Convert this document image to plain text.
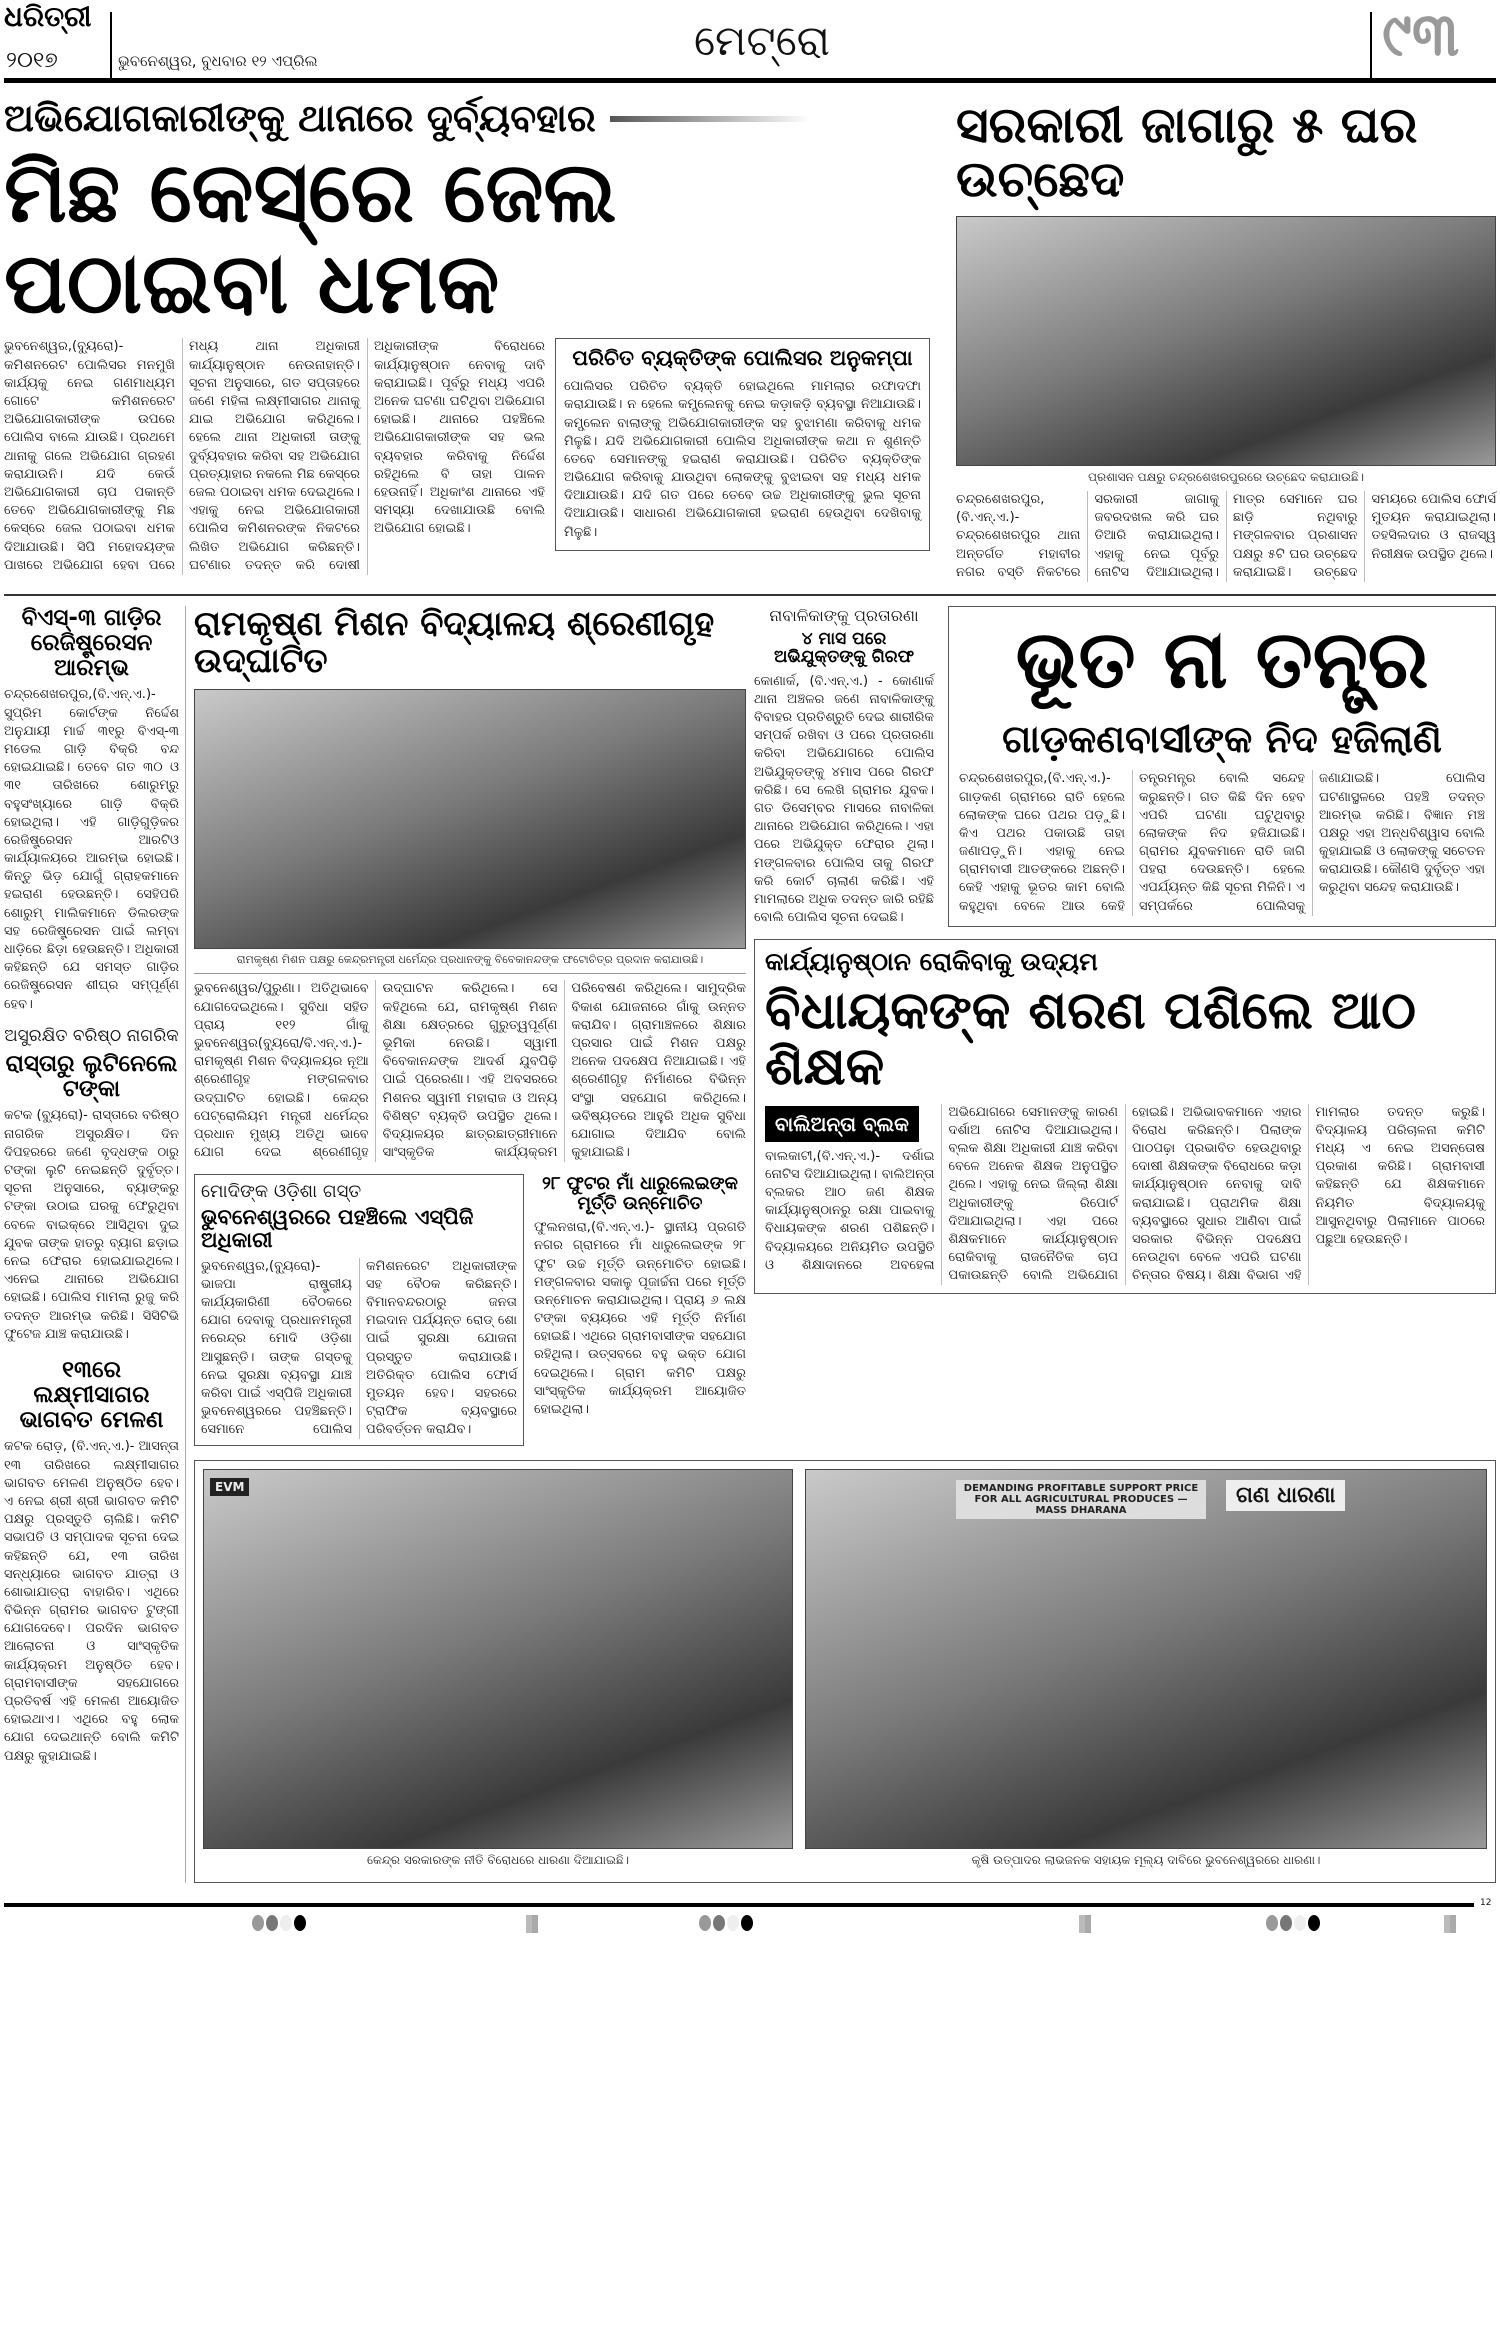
ଧରିତ୍ରୀ
୨୦୧୭	ଭୁବନେଶ୍ୱର, ବୁଧବାର ୧୨ ଏପ୍ରିଲ	ମେଟ୍ରୋ	୯୩
ଅଭିଯୋଗକାରୀଙ୍କୁ ଥାନାରେ ଦୁର୍ବ୍ୟବହାର
ମିଛ କେସ୍‌ରେ ଜେଲ ପଠାଇବା ଧମକ
ଭୁବନେଶ୍ୱର,(ବ୍ୟୁରୋ)- କମିଶନରେଟ ପୋଲିସର ମନମୁଖି କାର୍ଯ୍ୟକୁ ନେଇ ଗଣମାଧ୍ୟମ ଗୋଟେ କମିଶନରେଟ ଅଭିଯୋଗକାରୀଙ୍କ ଉପରେ ପୋଲିସ ବାଲେ ଯାଉଛି। ପ୍ରଥମେ ଥାନାକୁ ଗଲେ ଅଭିଯୋଗ ଗ୍ରହଣ କରାଯାଉନି। ଯଦି କେଉଁ ଅଭିଯୋଗକାରୀ ଚାପ ପକାନ୍ତି ତେବେ ଅଭିଯୋଗକାରୀଙ୍କୁ ମିଛ କେସ୍‌ରେ ଜେଲ ପଠାଇବା ଧମକ ଦିଆଯାଉଛି। ସିପି ମହୋଦୟଙ୍କ ପାଖରେ ଅଭିଯୋଗ ହେବା ପରେ ମଧ୍ୟ ଥାନା ଅଧିକାରୀ କାର୍ଯ୍ୟାନୁଷ୍ଠାନ ନେଉନାହାନ୍ତି। ସୂଚନା ଅନୁସାରେ, ଗତ ସପ୍ତାହରେ ଜଣେ ମହିଳା ଲକ୍ଷ୍ମୀସାଗର ଥାନାକୁ ଯାଇ ଅଭିଯୋଗ କରିଥିଲେ। ହେଲେ ଥାନା ଅଧିକାରୀ ତାଙ୍କୁ ଦୁର୍ବ୍ୟବହାର କରିବା ସହ ଅଭିଯୋଗ ପ୍ରତ୍ୟାହାର ନକଲେ ମିଛ କେସ୍‌ରେ ଜେଲ ପଠାଇବା ଧମକ ଦେଇଥିଲେ। ଏହାକୁ ନେଇ ଅଭିଯୋଗକାରୀ ପୋଲିସ କମିଶନରଙ୍କ ନିକଟରେ ଲିଖିତ ଅଭିଯୋଗ କରିଛନ୍ତି। ଘଟଣାର ତଦନ୍ତ କରି ଦୋଷୀ ଅଧିକାରୀଙ୍କ ବିରୋଧରେ କାର୍ଯ୍ୟାନୁଷ୍ଠାନ ନେବାକୁ ଦାବି କରାଯାଇଛି। ପୂର୍ବରୁ ମଧ୍ୟ ଏପରି ଅନେକ ଘଟଣା ଘଟିଥିବା ଅଭିଯୋଗ ହୋଇଛି। ଥାନାରେ ପହଞ୍ଚିଲେ ଅଭିଯୋଗକାରୀଙ୍କ ସହ ଭଲ ବ୍ୟବହାର କରିବାକୁ ନିର୍ଦ୍ଦେଶ ରହିଥିଲେ ବି ତାହା ପାଳନ ହେଉନାହିଁ। ଅଧିକାଂଶ ଥାନାରେ ଏହି ସମସ୍ୟା ଦେଖାଯାଉଛି ବୋଲି ଅଭିଯୋଗ ହୋଇଛି।
ପରିଚିତ ବ୍ୟକ୍ତିଙ୍କ ପୋଲିସର ଅନୁକମ୍ପା
ପୋଲିସର ପରିଚିତ ବ୍ୟକ୍ତି ହୋଇଥିଲେ ମାମଲାର ରଫାଦଫା କରାଯାଉଛି। ନ ହେଲେ କମ୍ପ୍ଲେନକୁ ନେଇ କଡ଼ାକଡ଼ି ବ୍ୟବସ୍ଥା ନିଆଯାଉଛି। କମ୍ପ୍ଲେନ ବାଲାଙ୍କୁ ଅଭିଯୋଗକାରୀଙ୍କ ସହ ବୁଝାମଣା କରିବାକୁ ଧମକ ମିଳୁଛି। ଯଦି ଅଭିଯୋଗକାରୀ ପୋଲିସ ଅଧିକାରୀଙ୍କ କଥା ନ ଶୁଣନ୍ତି ତେବେ ସେମାନଙ୍କୁ ହଇରାଣ କରାଯାଉଛି। ପରିଚିତ ବ୍ୟକ୍ତିଙ୍କ ଅଭିଯୋଗ କରିବାକୁ ଯାଉଥିବା ଲୋକଙ୍କୁ ବୁଝାଇବା ସହ ମଧ୍ୟ ଧମକ ଦିଆଯାଉଛି। ଯଦି ଗତ ପରେ ତେବେ ଉଚ୍ଚ ଅଧିକାରୀଙ୍କୁ ଭୁଲ ସୂଚନା ଦିଆଯାଉଛି। ସାଧାରଣ ଅଭିଯୋଗକାରୀ ହଇରାଣ ହେଉଥିବା ଦେଖିବାକୁ ମିଳୁଛି।
ସରକାରୀ ଜାଗାରୁ ୫ ଘର ଉଚ୍ଛେଦ
ପ୍ରଶାସନ ପକ୍ଷରୁ ଚନ୍ଦ୍ରଶେଖରପୁରରେ ଉଚ୍ଛେଦ କରାଯାଉଛି।
ଚନ୍ଦ୍ରଶେଖରପୁର,(ବି.ଏନ୍.ଏ.)- ଚନ୍ଦ୍ରଶେଖରପୁର ଥାନା ଅନ୍ତର୍ଗତ ମହାବୀର ନଗର ବସ୍ତି ନିକଟରେ ସରକାରୀ ଜାଗାକୁ ଜବରଦଖଲ କରି ଘର ତିଆରି କରାଯାଇଥିଲା। ଏହାକୁ ନେଇ ପୂର୍ବରୁ ନୋଟିସ ଦିଆଯାଇଥିଲା। ମାତ୍ର ସେମାନେ ଘର ଛାଡ଼ି ନଥିବାରୁ ମଙ୍ଗଳବାର ପ୍ରଶାସନ ପକ୍ଷରୁ ୫ଟି ଘର ଉଚ୍ଛେଦ କରାଯାଇଛି। ଉଚ୍ଛେଦ ସମୟରେ ପୋଲିସ ଫୋର୍ସ ମୁତୟନ କରାଯାଇଥିଲା। ତହସିଲଦାର ଓ ରାଜସ୍ୱ ନିରୀକ୍ଷକ ଉପସ୍ଥିତ ଥିଲେ।
ବିଏସ୍-୩ ଗାଡ଼ିର ରେଜିଷ୍ଟ୍ରେସନ ଆରମ୍ଭ
ଚନ୍ଦ୍ରଶେଖରପୁର,(ବି.ଏନ୍.ଏ.)- ସୁପ୍ରିମ କୋର୍ଟଙ୍କ ନିର୍ଦ୍ଦେଶ ଅନୁଯାୟୀ ମାର୍ଚ୍ଚ ୩୧ରୁ ବିଏସ୍-୩ ମଡେଲ ଗାଡ଼ି ବିକ୍ରି ବନ୍ଦ ହୋଇଯାଇଛି। ତେବେ ଗତ ୩୦ ଓ ୩୧ ତାରିଖରେ ଶୋରୁମ୍‌ରୁ ବହୁସଂଖ୍ୟାରେ ଗାଡ଼ି ବିକ୍ରି ହୋଇଥିଲା। ଏହି ଗାଡ଼ିଗୁଡ଼ିକର ରେଜିଷ୍ଟ୍ରେସନ ଆରଟିଓ କାର୍ଯ୍ୟାଳୟରେ ଆରମ୍ଭ ହୋଇଛି। କିନ୍ତୁ ଭିଡ଼ ଯୋଗୁଁ ଗ୍ରାହକମାନେ ହଇରାଣ ହେଉଛନ୍ତି। ସେହିପରି ଶୋରୁମ୍ ମାଲିକମାନେ ଡିଲରଙ୍କ ସହ ରେଜିଷ୍ଟ୍ରେସନ ପାଇଁ ଲମ୍ବା ଧାଡ଼ିରେ ଛିଡ଼ା ହେଉଛନ୍ତି। ଅଧିକାରୀ କହିଛନ୍ତି ଯେ ସମସ୍ତ ଗାଡ଼ିର ରେଜିଷ୍ଟ୍ରେସନ ଶୀଘ୍ର ସମ୍ପୂର୍ଣ୍ଣ ହେବ।
ଅସୁରକ୍ଷିତ ବରିଷ୍ଠ ନାଗରିକ
ରାସ୍ତାରୁ ଲୁଟିନେଲେ ଟଙ୍କା
କଟକ (ବ୍ୟୁରୋ)- ରାସ୍ତାରେ ବରିଷ୍ଠ ନାଗରିକ ଅସୁରକ୍ଷିତ। ଦିନ ଦିପହରରେ ଜଣେ ବୃଦ୍ଧଙ୍କ ଠାରୁ ଟଙ୍କା ଲୁଟି ନେଇଛନ୍ତି ଦୁର୍ବୃତ୍ତ। ସୂଚନା ଅନୁସାରେ, ବ୍ୟାଙ୍କରୁ ଟଙ୍କା ଉଠାଇ ଘରକୁ ଫେରୁଥିବା ବେଳେ ବାଇକ୍‌ରେ ଆସିଥିବା ଦୁଇ ଯୁବକ ତାଙ୍କ ହାତରୁ ବ୍ୟାଗ ଛଡ଼ାଇ ନେଇ ଫେରାର ହୋଇଯାଇଥିଲେ। ଏନେଇ ଥାନାରେ ଅଭିଯୋଗ ହୋଇଛି। ପୋଲିସ ମାମଲା ରୁଜୁ କରି ତଦନ୍ତ ଆରମ୍ଭ କରିଛି। ସିସିଟିଭି ଫୁଟେଜ ଯାଞ୍ଚ କରାଯାଉଛି।
୧୩ରେ ଲକ୍ଷ୍ମୀସାଗର ଭାଗବତ ମେଳଣ
କଟକ ରୋଡ଼, (ବି.ଏନ୍.ଏ.)- ଆସନ୍ତା ୧୩ ତାରିଖରେ ଲକ୍ଷ୍ମୀସାଗର ଭାଗବତ ମେଳଣ ଅନୁଷ୍ଠିତ ହେବ। ଏ ନେଇ ଶ୍ରୀ ଶ୍ରୀ ଭାଗବତ କମିଟି ପକ୍ଷରୁ ପ୍ରସ୍ତୁତି ଚାଲିଛି। କମିଟି ସଭାପତି ଓ ସମ୍ପାଦକ ସୂଚନା ଦେଇ କହିଛନ୍ତି ଯେ, ୧୩ ତାରିଖ ସନ୍ଧ୍ୟାରେ ଭାଗବତ ଯାତ୍ରା ଓ ଶୋଭାଯାତ୍ରା ବାହାରିବ। ଏଥିରେ ବିଭିନ୍ନ ଗ୍ରାମର ଭାଗବତ ଟୁଙ୍ଗୀ ଯୋଗଦେବେ। ପରଦିନ ଭାଗବତ ଆଲୋଚନା ଓ ସାଂସ୍କୃତିକ କାର୍ଯ୍ୟକ୍ରମ ଅନୁଷ୍ଠିତ ହେବ। ଗ୍ରାମବାସୀଙ୍କ ସହଯୋଗରେ ପ୍ରତିବର୍ଷ ଏହି ମେଳଣ ଆୟୋଜିତ ହୋଇଥାଏ। ଏଥିରେ ବହୁ ଲୋକ ଯୋଗ ଦେଇଥାନ୍ତି ବୋଲି କମିଟି ପକ୍ଷରୁ କୁହାଯାଇଛି।
ରାମକୃଷ୍ଣ ମିଶନ ବିଦ୍ୟାଳୟ ଶ୍ରେଣୀଗୃହ ଉଦ୍‌ଘାଟିତ
ରାମକୃଷ୍ଣ ମିଶନ ପକ୍ଷରୁ କେନ୍ଦ୍ରମନ୍ତ୍ରୀ ଧର୍ମେନ୍ଦ୍ର ପ୍ରଧାନଙ୍କୁ ବିବେକାନନ୍ଦଙ୍କ ଫଟୋଚିତ୍ର ପ୍ରଦାନ କରାଯାଉଛି।
ଭୁବନେଶ୍ୱର/ପୁରୁଣା। ଅତିଥିଭାବେ ଯୋଗଦେଇଥିଲେ। ସୁବିଧା ସହିତ ପ୍ରାୟ ୧୧୨ ଗାଁକୁ ଭୁବନେଶ୍ୱର(ବ୍ୟୁରୋ/ବି.ଏନ୍.ଏ.)- ରାମକୃଷ୍ଣ ମିଶନ ବିଦ୍ୟାଳୟର ନୂଆ ଶ୍ରେଣୀଗୃହ ମଙ୍ଗଳବାର ଉଦ୍‌ଘାଟିତ ହୋଇଛି। କେନ୍ଦ୍ର ପେଟ୍ରୋଲିୟମ ମନ୍ତ୍ରୀ ଧର୍ମେନ୍ଦ୍ର ପ୍ରଧାନ ମୁଖ୍ୟ ଅତିଥି ଭାବେ ଯୋଗ ଦେଇ ଶ୍ରେଣୀଗୃହ ଉଦ୍‌ଘାଟନ କରିଥିଲେ। ସେ କହିଥିଲେ ଯେ, ରାମକୃଷ୍ଣ ମିଶନ ଶିକ୍ଷା କ୍ଷେତ୍ରରେ ଗୁରୁତ୍ୱପୂର୍ଣ୍ଣ ଭୂମିକା ନେଉଛି। ସ୍ୱାମୀ ବିବେକାନନ୍ଦଙ୍କ ଆଦର୍ଶ ଯୁବପିଢ଼ି ପାଇଁ ପ୍ରେରଣା। ଏହି ଅବସରରେ ମିଶନର ସ୍ୱାମୀ ମହାରାଜ ଓ ଅନ୍ୟ ବିଶିଷ୍ଟ ବ୍ୟକ୍ତି ଉପସ୍ଥିତ ଥିଲେ। ବିଦ୍ୟାଳୟର ଛାତ୍ରଛାତ୍ରୀମାନେ ସାଂସ୍କୃତିକ କାର୍ଯ୍ୟକ୍ରମ ପରିବେଷଣ କରିଥିଲେ। ସାମୁଦ୍ରିକ ବିକାଶ ଯୋଜନାରେ ଗାଁକୁ ଉନ୍ନତ କରାଯିବ। ଗ୍ରାମାଞ୍ଚଳରେ ଶିକ୍ଷାର ପ୍ରସାର ପାଇଁ ମିଶନ ପକ୍ଷରୁ ଅନେକ ପଦକ୍ଷେପ ନିଆଯାଇଛି। ଏହି ଶ୍ରେଣୀଗୃହ ନିର୍ମାଣରେ ବିଭିନ୍ନ ସଂସ୍ଥା ସହଯୋଗ କରିଥିଲେ। ଭବିଷ୍ୟତରେ ଆହୁରି ଅଧିକ ସୁବିଧା ଯୋଗାଇ ଦିଆଯିବ ବୋଲି କୁହାଯାଇଛି।
ମୋଦିଙ୍କ ଓଡ଼ିଶା ଗସ୍ତ
ଭୁବନେଶ୍ୱରରେ ପହଞ୍ଚିଲେ ଏସ୍‌ପିଜି ଅଧିକାରୀ
ଭୁବନେଶ୍ୱର,(ବ୍ୟୁରୋ)-ଭାଜପା ରାଷ୍ଟ୍ରୀୟ କାର୍ଯ୍ୟକାରିଣୀ ବୈଠକରେ ଯୋଗ ଦେବାକୁ ପ୍ରଧାନମନ୍ତ୍ରୀ ନରେନ୍ଦ୍ର ମୋଦି ଓଡ଼ିଶା ଆସୁଛନ୍ତି। ତାଙ୍କ ଗସ୍ତକୁ ନେଇ ସୁରକ୍ଷା ବ୍ୟବସ୍ଥା ଯାଞ୍ଚ କରିବା ପାଇଁ ଏସ୍‌ପିଜି ଅଧିକାରୀ ଭୁବନେଶ୍ୱରରେ ପହଞ୍ଚିଛନ୍ତି। ସେମାନେ ପୋଲିସ କମିଶନରେଟ ଅଧିକାରୀଙ୍କ ସହ ବୈଠକ କରିଛନ୍ତି। ବିମାନବନ୍ଦରଠାରୁ ଜନତା ମଇଦାନ ପର୍ଯ୍ୟନ୍ତ ରୋଡ୍ ଶୋ ପାଇଁ ସୁରକ୍ଷା ଯୋଜନା ପ୍ରସ୍ତୁତ କରାଯାଉଛି। ଅତିରିକ୍ତ ପୋଲିସ ଫୋର୍ସ ମୁତୟନ ହେବ। ସହରରେ ଟ୍ରାଫିକ ବ୍ୟବସ୍ଥାରେ ପରିବର୍ତ୍ତନ କରାଯିବ।
୨୮ ଫୁଟର ମାଁ ଧାରୁଲେଇଙ୍କ ମୂର୍ତ୍ତି ଉନ୍ମୋଚିତ
ଫୁଲନଖରା,(ବି.ଏନ୍.ଏ.)- ସ୍ଥାନୀୟ ପ୍ରଗତି ନଗର ଗ୍ରାମରେ ମାଁ ଧାରୁଲେଇଙ୍କ ୨୮ ଫୁଟ ଉଚ୍ଚ ମୂର୍ତ୍ତି ଉନ୍ମୋଚିତ ହୋଇଛି। ମଙ୍ଗଳବାର ସକାଳୁ ପୂଜାର୍ଚ୍ଚନା ପରେ ମୂର୍ତ୍ତି ଉନ୍ମୋଚନ କରାଯାଇଥିଲା। ପ୍ରାୟ ୬ ଲକ୍ଷ ଟଙ୍କା ବ୍ୟୟରେ ଏହି ମୂର୍ତ୍ତି ନିର୍ମାଣ ହୋଇଛି। ଏଥିରେ ଗ୍ରାମବାସୀଙ୍କ ସହଯୋଗ ରହିଥିଲା। ଉତ୍ସବରେ ବହୁ ଭକ୍ତ ଯୋଗ ଦେଇଥିଲେ। ଗ୍ରାମ କମିଟି ପକ୍ଷରୁ ସାଂସ୍କୃତିକ କାର୍ଯ୍ୟକ୍ରମ ଆୟୋଜିତ ହୋଇଥିଲା।
ନାବାଳିକାଙ୍କୁ ପ୍ରତାରଣା
୪ ମାସ ପରେ ଅଭିଯୁକ୍ତଙ୍କୁ ଗିରଫ
କୋଣାର୍କ, (ବି.ଏନ୍.ଏ.) - କୋଣାର୍କ ଥାନା ଅଞ୍ଚଳର ଜଣେ ନାବାଳିକାଙ୍କୁ ବିବାହର ପ୍ରତିଶ୍ରୁତି ଦେଇ ଶାରୀରିକ ସମ୍ପର୍କ ରଖିବା ଓ ପରେ ପ୍ରତାରଣା କରିବା ଅଭିଯୋଗରେ ପୋଲିସ ଅଭିଯୁକ୍ତଙ୍କୁ ୪ମାସ ପରେ ଗିରଫ କରିଛି। ସେ ଲେଖି ଗ୍ରାମର ଯୁବକ। ଗତ ଡିସେମ୍ବର ମାସରେ ନାବାଳିକା ଥାନାରେ ଅଭିଯୋଗ କରିଥିଲେ। ଏହା ପରେ ଅଭିଯୁକ୍ତ ଫେରାର ଥିଲା। ମଙ୍ଗଳବାର ପୋଲିସ ତାକୁ ଗିରଫ କରି କୋର୍ଟ ଚାଲାଣ କରିଛି। ଏହି ମାମଲାରେ ଅଧିକ ତଦନ୍ତ ଜାରି ରହିଛି ବୋଲି ପୋଲିସ ସୂଚନା ଦେଇଛି।
ଭୂତ ନା ତନ୍ତ୍ର
ଗାଡ଼କଣବାସୀଙ୍କ ନିଦ ହଜିଲାଣି
ଚନ୍ଦ୍ରଶେଖରପୁର,(ବି.ଏନ୍.ଏ.)- ଗାଡ଼କଣ ଗ୍ରାମରେ ରାତି ହେଲେ ଲୋକଙ୍କ ଘରେ ପଥର ପଡ଼ୁଛି। କିଏ ପଥର ପକାଉଛି ତାହା ଜଣାପଡ଼ୁନି। ଏହାକୁ ନେଇ ଗ୍ରାମବାସୀ ଆତଙ୍କରେ ଅଛନ୍ତି। କେହି ଏହାକୁ ଭୂତର କାମ ବୋଲି କହୁଥିବା ବେଳେ ଆଉ କେହି ତନ୍ତ୍ରମନ୍ତ୍ର ବୋଲି ସନ୍ଦେହ କରୁଛନ୍ତି। ଗତ କିଛି ଦିନ ହେବ ଏପରି ଘଟଣା ଘଟୁଥିବାରୁ ଲୋକଙ୍କ ନିଦ ହଜିଯାଇଛି। ଗ୍ରାମର ଯୁବକମାନେ ରାତି ଜାଗି ପହରା ଦେଉଛନ୍ତି। ହେଲେ ଏପର୍ଯ୍ୟନ୍ତ କିଛି ସୂଚନା ମିଳିନି। ଏ ସମ୍ପର୍କରେ ପୋଲିସକୁ ଜଣାଯାଇଛି। ପୋଲିସ ଘଟଣାସ୍ଥଳରେ ପହଞ୍ଚି ତଦନ୍ତ ଆରମ୍ଭ କରିଛି। ବିଜ୍ଞାନ ମଞ୍ଚ ପକ୍ଷରୁ ଏହା ଅନ୍ଧବିଶ୍ୱାସ ବୋଲି କୁହାଯାଇଛି ଓ ଲୋକଙ୍କୁ ସଚେତନ କରାଯାଉଛି। କୌଣସି ଦୁର୍ବୃତ୍ତ ଏହା କରୁଥିବା ସନ୍ଦେହ କରାଯାଉଛି।
କାର୍ଯ୍ୟାନୁଷ୍ଠାନ ରୋକିବାକୁ ଉଦ୍ୟମ
ବିଧାୟକଙ୍କ ଶରଣ ପଶିଲେ ଆଠ ଶିକ୍ଷକ
ବାଲିଅନ୍ତା ବ୍ଲକ ବାଲକାଟୀ,(ବି.ଏନ୍.ଏ.)- ଦର୍ଶାଇ ନୋଟିସ ଦିଆଯାଇଥିଲା। ବାଲିଅନ୍ତା ବ୍ଲକର ଆଠ ଜଣ ଶିକ୍ଷକ କାର୍ଯ୍ୟାନୁଷ୍ଠାନରୁ ରକ୍ଷା ପାଇବାକୁ ବିଧାୟକଙ୍କ ଶରଣ ପଶିଛନ୍ତି। ବିଦ୍ୟାଳୟରେ ଅନିୟମିତ ଉପସ୍ଥିତି ଓ ଶିକ୍ଷାଦାନରେ ଅବହେଳା ଅଭିଯୋଗରେ ସେମାନଙ୍କୁ କାରଣ ଦର୍ଶାଅ ନୋଟିସ ଦିଆଯାଇଥିଲା। ବ୍ଲକ ଶିକ୍ଷା ଅଧିକାରୀ ଯାଞ୍ଚ କରିବା ବେଳେ ଅନେକ ଶିକ୍ଷକ ଅନୁପସ୍ଥିତ ଥିଲେ। ଏହାକୁ ନେଇ ଜିଲ୍ଲା ଶିକ୍ଷା ଅଧିକାରୀଙ୍କୁ ରିପୋର୍ଟ ଦିଆଯାଇଥିଲା। ଏହା ପରେ ଶିକ୍ଷକମାନେ କାର୍ଯ୍ୟାନୁଷ୍ଠାନ ରୋକିବାକୁ ରାଜନୈତିକ ଚାପ ପକାଉଛନ୍ତି ବୋଲି ଅଭିଯୋଗ ହୋଇଛି। ଅଭିଭାବକମାନେ ଏହାର ବିରୋଧ କରିଛନ୍ତି। ପିଲାଙ୍କ ପାଠପଢ଼ା ପ୍ରଭାବିତ ହେଉଥିବାରୁ ଦୋଷୀ ଶିକ୍ଷକଙ୍କ ବିରୋଧରେ କଡ଼ା କାର୍ଯ୍ୟାନୁଷ୍ଠାନ ନେବାକୁ ଦାବି କରାଯାଇଛି। ପ୍ରାଥମିକ ଶିକ୍ଷା ବ୍ୟବସ୍ଥାରେ ସୁଧାର ଆଣିବା ପାଇଁ ସରକାର ବିଭିନ୍ନ ପଦକ୍ଷେପ ନେଉଥିବା ବେଳେ ଏପରି ଘଟଣା ଚିନ୍ତାର ବିଷୟ। ଶିକ୍ଷା ବିଭାଗ ଏହି ମାମଲାର ତଦନ୍ତ କରୁଛି। ବିଦ୍ୟାଳୟ ପରିଚାଳନା କମିଟି ମଧ୍ୟ ଏ ନେଇ ଅସନ୍ତୋଷ ପ୍ରକାଶ କରିଛି। ଗ୍ରାମବାସୀ କହିଛନ୍ତି ଯେ ଶିକ୍ଷକମାନେ ନିୟମିତ ବିଦ୍ୟାଳୟକୁ ଆସୁନଥିବାରୁ ପିଲାମାନେ ପାଠରେ ପଛୁଆ ହେଉଛନ୍ତି।
EVM
କେନ୍ଦ୍ର ସରକାରଙ୍କ ନୀତି ବିରୋଧରେ ଧାରଣା ଦିଆଯାଇଛି।
DEMANDING PROFITABLE SUPPORT PRICE FOR ALL AGRICULTURAL PRODUCES — MASS DHARANA
ଗଣ ଧାରଣା
କୃଷି ଉତ୍ପାଦର ଲାଭଜନକ ସହାୟକ ମୂଲ୍ୟ ଦାବିରେ ଭୁବନେଶ୍ୱରରେ ଧାରଣା।
12
